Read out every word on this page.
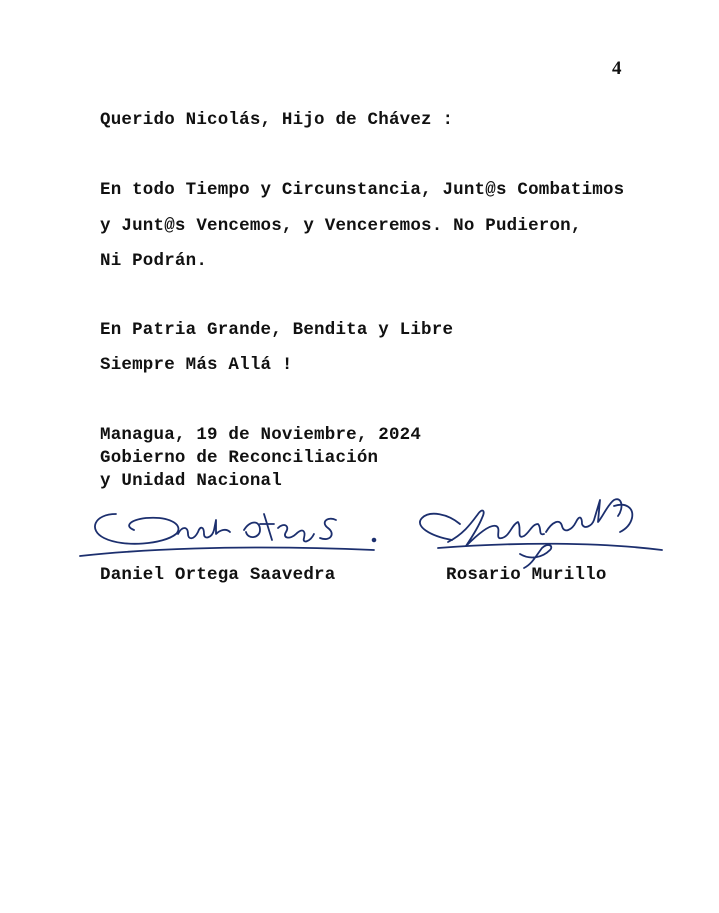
4
Querido Nicolás, Hijo de Chávez :
En todo Tiempo y Circunstancia, Junt@s Combatimos
y Junt@s Vencemos, y Venceremos. No Pudieron,
Ni Podrán.
En Patria Grande, Bendita y Libre
Siempre Más Allá !
Managua, 19 de Noviembre, 2024
Gobierno de Reconciliación
y Unidad Nacional
Daniel Ortega Saavedra	Rosario Murillo
